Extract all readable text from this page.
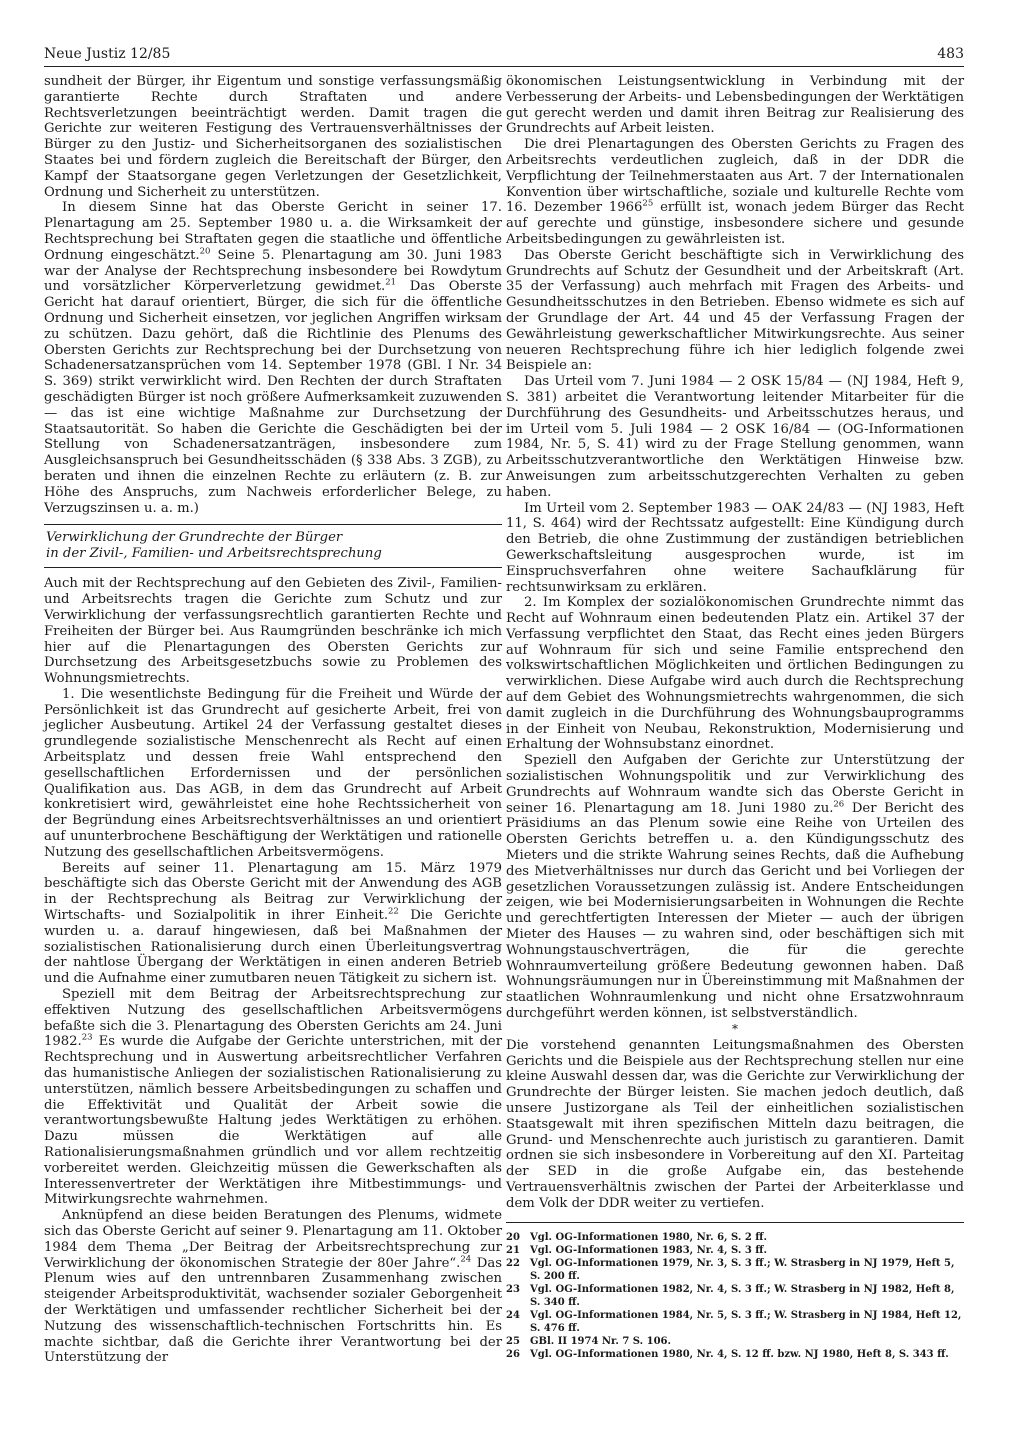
Neue Justiz 12/85	483

sundheit der Bürger, ihr Eigentum und sonstige verfassungsmäßig garantierte Rechte durch Straftaten und andere Rechtsverletzungen beeinträchtigt werden. Damit tragen die Gerichte zur weiteren Festigung des Vertrauensverhältnisses der Bürger zu den Justiz- und Sicherheitsorganen des sozialistischen Staates bei und fördern zugleich die Bereitschaft der Bürger, den Kampf der Staatsorgane gegen Verletzungen der Gesetzlichkeit, Ordnung und Sicherheit zu unterstützen.

In diesem Sinne hat das Oberste Gericht in seiner 17. Plenartagung am 25. September 1980 u. a. die Wirksamkeit der Rechtsprechung bei Straftaten gegen die staatliche und öffentliche Ordnung eingeschätzt.$^{20}$ Seine 5. Plenartagung am 30. Juni 1983 war der Analyse der Rechtsprechung insbesondere bei Rowdytum und vorsätzlicher Körperverletzung gewidmet.$^{21}$ Das Oberste Gericht hat darauf orientiert, Bürger, die sich für die öffentliche Ordnung und Sicherheit einsetzen, vor jeglichen Angriffen wirksam zu schützen. Dazu gehört, daß die Richtlinie des Plenums des Obersten Gerichts zur Rechtsprechung bei der Durchsetzung von Schadenersatzansprüchen vom 14. September 1978 (GBl. I Nr. 34 S. 369) strikt verwirklicht wird. Den Rechten der durch Straftaten geschädigten Bürger ist noch größere Aufmerksamkeit zuzuwenden — das ist eine wichtige Maßnahme zur Durchsetzung der Staatsautorität. So haben die Gerichte die Geschädigten bei der Stellung von Schadenersatzanträgen, insbesondere zum Ausgleichsanspruch bei Gesundheitsschäden (§ 338 Abs. 3 ZGB), zu beraten und ihnen die einzelnen Rechte zu erläutern (z. B. zur Höhe des Anspruchs, zum Nachweis erforderlicher Belege, zu Verzugszinsen u. a. m.)

Verwirklichung der Grundrechte der Bürger
in der Zivil-, Familien- und Arbeitsrechtsprechung

Auch mit der Rechtsprechung auf den Gebieten des Zivil-, Familien- und Arbeitsrechts tragen die Gerichte zum Schutz und zur Verwirklichung der verfassungsrechtlich garantierten Rechte und Freiheiten der Bürger bei. Aus Raumgründen beschränke ich mich hier auf die Plenartagungen des Obersten Gerichts zur Durchsetzung des Arbeitsgesetzbuchs sowie zu Problemen des Wohnungsmietrechts.

1. Die wesentlichste Bedingung für die Freiheit und Würde der Persönlichkeit ist das Grundrecht auf gesicherte Arbeit, frei von jeglicher Ausbeutung. Artikel 24 der Verfassung gestaltet dieses grundlegende sozialistische Menschenrecht als Recht auf einen Arbeitsplatz und dessen freie Wahl entsprechend den gesellschaftlichen Erfordernissen und der persönlichen Qualifikation aus. Das AGB, in dem das Grundrecht auf Arbeit konkretisiert wird, gewährleistet eine hohe Rechtssicherheit von der Begründung eines Arbeitsrechtsverhältnisses an und orientiert auf ununterbrochene Beschäftigung der Werktätigen und rationelle Nutzung des gesellschaftlichen Arbeitsvermögens.

Bereits auf seiner 11. Plenartagung am 15. März 1979 beschäftigte sich das Oberste Gericht mit der Anwendung des AGB in der Rechtsprechung als Beitrag zur Verwirklichung der Wirtschafts- und Sozialpolitik in ihrer Einheit.$^{22}$ Die Gerichte wurden u. a. darauf hingewiesen, daß bei Maßnahmen der sozialistischen Rationalisierung durch einen Überleitungsvertrag der nahtlose Übergang der Werktätigen in einen anderen Betrieb und die Aufnahme einer zumutbaren neuen Tätigkeit zu sichern ist.

Speziell mit dem Beitrag der Arbeitsrechtsprechung zur effektiven Nutzung des gesellschaftlichen Arbeitsvermögens befaßte sich die 3. Plenartagung des Obersten Gerichts am 24. Juni 1982.23 Es wurde die Aufgabe der Gerichte unterstrichen, mit der Rechtsprechung und in Auswertung arbeitsrechtlicher Verfahren das humanistische Anliegen der sozialistischen Rationalisierung zu unterstützen, nämlich bessere Arbeitsbedingungen zu schaffen und die Effektivität und Qualität der Arbeit sowie die verantwortungsbewußte Haltung jedes Werktätigen zu erhöhen. Dazu müssen die Werktätigen auf alle Rationalisierungsmaßnahmen gründlich und vor allem rechtzeitig vorbereitet werden. Gleichzeitig müssen die Gewerkschaften als Interessenvertreter der Werktätigen ihre Mitbestimmungs- und Mitwirkungsrechte wahrnehmen.

Anknüpfend an diese beiden Beratungen des Plenums, widmete sich das Oberste Gericht auf seiner 9. Plenartagung am 11. Oktober 1984 dem Thema „Der Beitrag der Arbeitsrechtsprechung zur Verwirklichung der ökonomischen Strategie der 80er Jahre“.$^{24}$ Das Plenum wies auf den untrennbaren Zusammenhang zwischen steigender Arbeitsproduktivität, wachsender sozialer Geborgenheit der Werktätigen und umfassender rechtlicher Sicherheit bei der Nutzung des wissenschaftlich-technischen Fortschritts hin. Es machte sichtbar, daß die Gerichte ihrer Verantwortung bei der Unterstützung der

ökonomischen Leistungsentwicklung in Verbindung mit der Verbesserung der Arbeits- und Lebensbedingungen der Werktätigen gut gerecht werden und damit ihren Beitrag zur Realisierung des Grundrechts auf Arbeit leisten.

Die drei Plenartagungen des Obersten Gerichts zu Fragen des Arbeitsrechts verdeutlichen zugleich, daß in der DDR die Verpflichtung der Teilnehmerstaaten aus Art. 7 der Internationalen Konvention über wirtschaftliche, soziale und kulturelle Rechte vom 16. Dezember 1966$^{25}$ erfüllt ist, wonach jedem Bürger das Recht auf gerechte und günstige, insbesondere sichere und gesunde Arbeitsbedingungen zu gewährleisten ist.

Das Oberste Gericht beschäftigte sich in Verwirklichung des Grundrechts auf Schutz der Gesundheit und der Arbeitskraft (Art. 35 der Verfassung) auch mehrfach mit Fragen des Arbeits- und Gesundheitsschutzes in den Betrieben. Ebenso widmete es sich auf der Grundlage der Art. 44 und 45 der Verfassung Fragen der Gewährleistung gewerkschaftlicher Mitwirkungsrechte. Aus seiner neueren Rechtsprechung führe ich hier lediglich folgende zwei Beispiele an:

Das Urteil vom 7. Juni 1984 — 2 OSK 15/84 — (NJ 1984, Heft 9, S. 381) arbeitet die Verantwortung leitender Mitarbeiter für die Durchführung des Gesundheits- und Arbeitsschutzes heraus, und im Urteil vom 5. Juli 1984 — 2 OSK 16/84 — (OG-Informationen 1984, Nr. 5, S. 41) wird zu der Frage Stellung genommen, wann Arbeitsschutzverantwortliche den Werktätigen Hinweise bzw. Anweisungen zum arbeitsschutzgerechten Verhalten zu geben haben.

Im Urteil vom 2. September 1983 — OAK 24/83 — (NJ 1983, Heft 11, S. 464) wird der Rechtssatz aufgestellt: Eine Kündigung durch den Betrieb, die ohne Zustimmung der zuständigen betrieblichen Gewerkschaftsleitung ausgesprochen wurde, ist im Einspruchsverfahren ohne weitere Sachaufklärung für rechtsunwirksam zu erklären.

2. Im Komplex der sozialökonomischen Grundrechte nimmt das Recht auf Wohnraum einen bedeutenden Platz ein. Artikel 37 der Verfassung verpflichtet den Staat, das Recht eines jeden Bürgers auf Wohnraum für sich und seine Familie entsprechend den volkswirtschaftlichen Möglichkeiten und örtlichen Bedingungen zu verwirklichen. Diese Aufgabe wird auch durch die Rechtsprechung auf dem Gebiet des Wohnungsmietrechts wahrgenommen, die sich damit zugleich in die Durchführung des Wohnungsbauprogramms in der Einheit von Neubau, Rekonstruktion, Modernisierung und Erhaltung der Wohnsubstanz einordnet.

Speziell den Aufgaben der Gerichte zur Unterstützung der sozialistischen Wohnungspolitik und zur Verwirklichung des Grundrechts auf Wohnraum wandte sich das Oberste Gericht in seiner 16. Plenartagung am 18. Juni 1980 zu.$^{26}$ Der Bericht des Präsidiums an das Plenum sowie eine Reihe von Urteilen des Obersten Gerichts betreffen u. a. den Kündigungsschutz des Mieters und die strikte Wahrung seines Rechts, daß die Aufhebung des Mietverhältnisses nur durch das Gericht und bei Vorliegen der gesetzlichen Voraussetzungen zulässig ist. Andere Entscheidungen zeigen, wie bei Modernisierungsarbeiten in Wohnungen die Rechte und gerechtfertigten Interessen der Mieter — auch der übrigen Mieter des Hauses — zu wahren sind, oder beschäftigen sich mit Wohnungstauschverträgen, die für die gerechte Wohnraumverteilung größere Bedeutung gewonnen haben. Daß Wohnungsräumungen nur in Übereinstimmung mit Maßnahmen der staatlichen Wohnraumlenkung und nicht ohne Ersatzwohnraum durchgeführt werden können, ist selbstverständlich.

*

Die vorstehend genannten Leitungsmaßnahmen des Obersten Gerichts und die Beispiele aus der Rechtsprechung stellen nur eine kleine Auswahl dessen dar, was die Gerichte zur Verwirklichung der Grundrechte der Bürger leisten. Sie machen jedoch deutlich, daß unsere Justizorgane als Teil der einheitlichen sozialistischen Staatsgewalt mit ihren spezifischen Mitteln dazu beitragen, die Grund- und Menschenrechte auch juristisch zu garantieren. Damit ordnen sie sich insbesondere in Vorbereitung auf den XI. Parteitag der SED in die große Aufgabe ein, das bestehende Vertrauensverhältnis zwischen der Partei der Arbeiterklasse und dem Volk der DDR weiter zu vertiefen.

20	Vgl. OG-Informationen 1980, Nr. 6, S. 2 ff.
21	Vgl. OG-Informationen 1983, Nr. 4, S. 3 ff.
22	Vgl. OG-Informationen 1979, Nr. 3, S. 3 ff.; W. Strasberg in NJ 1979, Heft 5, S. 200 ff.
23	Vgl. OG-Informationen 1982, Nr. 4, S. 3 ff.; W. Strasberg in NJ 1982, Heft 8, S. 340 ff.
24	Vgl. OG-Informationen 1984, Nr. 5, S. 3 ff.; W. Strasberg in NJ 1984, Heft 12, S. 476 ff.
25	GBl. II 1974 Nr. 7 S. 106.
26	Vgl. OG-Informationen 1980, Nr. 4, S. 12 ff. bzw. NJ 1980, Heft 8, S. 343 ff.
